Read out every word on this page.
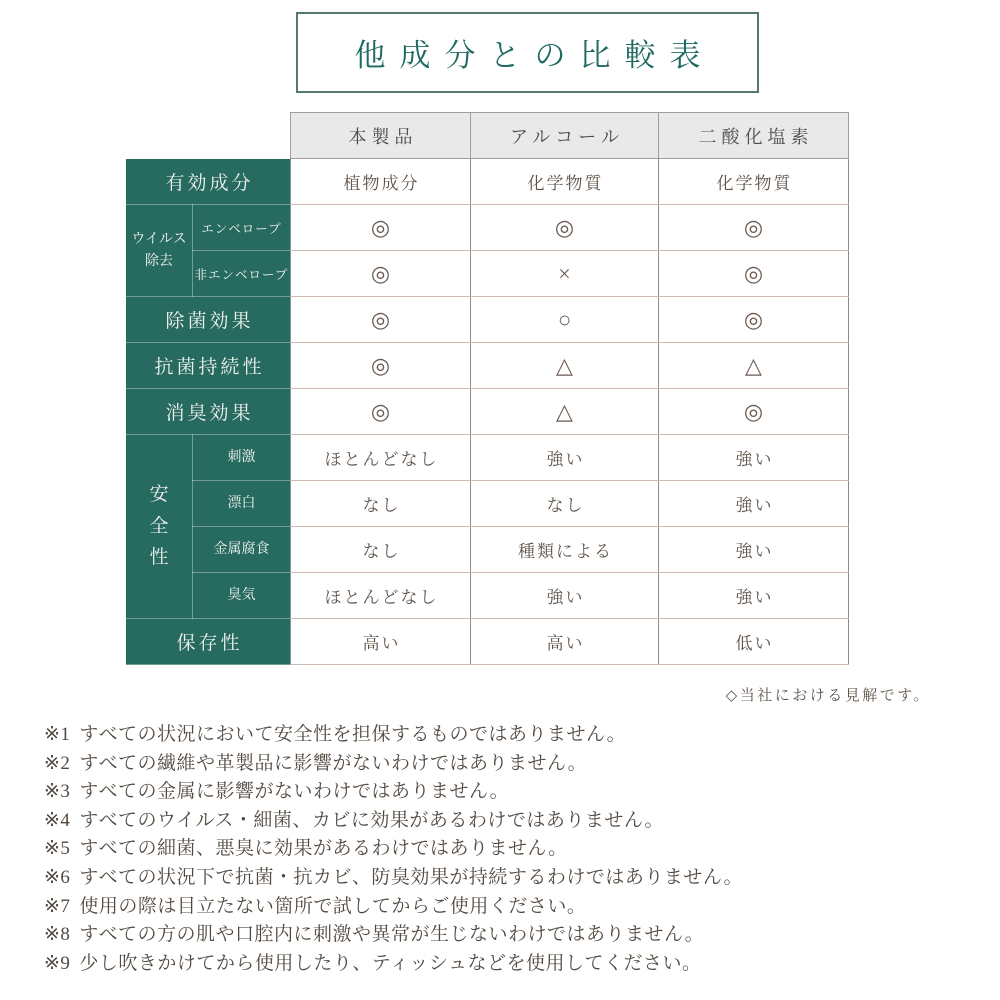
他成分との比較表
		本製品	アルコール	二酸化塩素
有効成分		植物成分	化学物質	化学物質
ウイルス除去	エンベロープ	◎	◎	◎
	非エンベロープ	◎	×	◎
除菌効果		◎	○	◎
抗菌持続性		◎	△	△
消臭効果		◎	△	◎
安全性	刺激	ほとんどなし	強い	強い
	漂白	なし	なし	強い
	金属腐食	なし	種類による	強い
	臭気	ほとんどなし	強い	強い
保存性		高い	高い	低い
◇当社における見解です。
※1 すべての状況において安全性を担保するものではありません。
※2 すべての繊維や革製品に影響がないわけではありません。
※3 すべての金属に影響がないわけではありません。
※4 すべてのウイルス・細菌、カビに効果があるわけではありません。
※5 すべての細菌、悪臭に効果があるわけではありません。
※6 すべての状況下で抗菌・抗カビ、防臭効果が持続するわけではありません。
※7 使用の際は目立たない箇所で試してからご使用ください。
※8 すべての方の肌や口腔内に刺激や異常が生じないわけではありません。
※9 少し吹きかけてから使用したり、ティッシュなどを使用してください。
